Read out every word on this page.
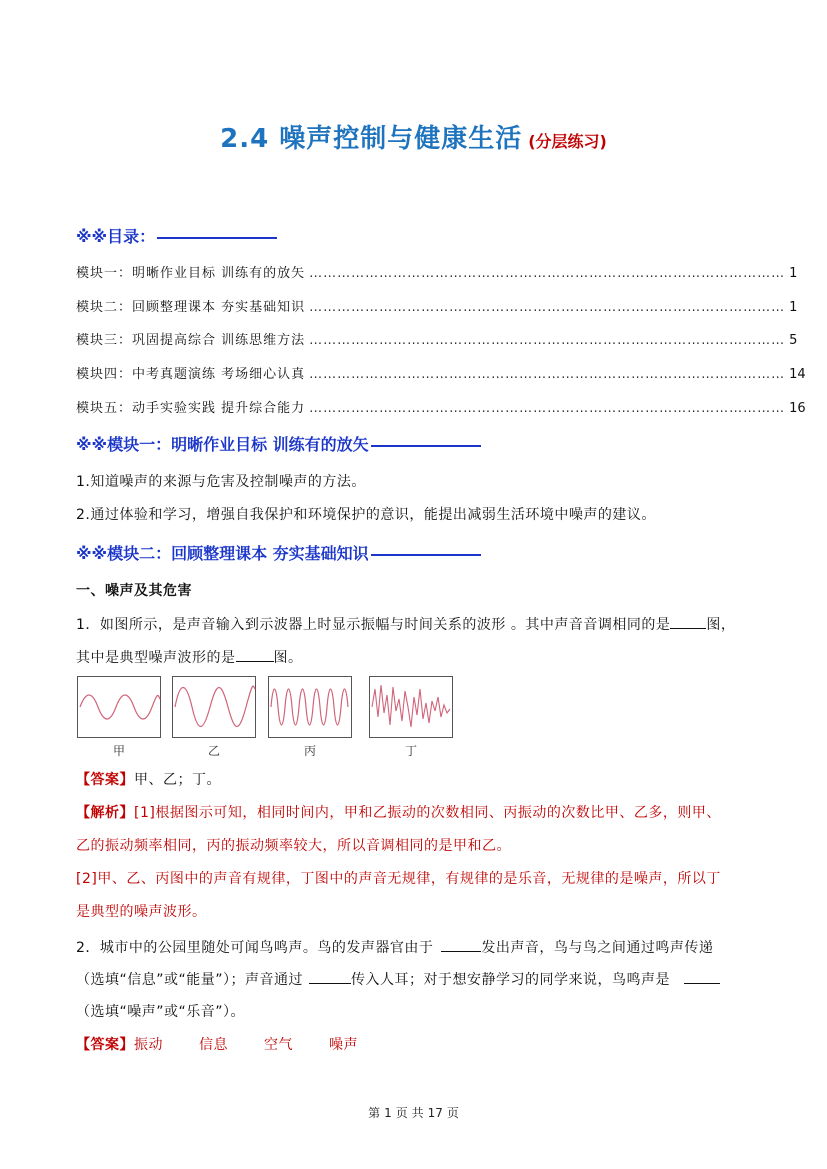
2.4 噪声控制与健康生活 (分层练习)
※※目录：
模块一：明晰作业目标 训练有的放矢 ………………………………………………………………………………………… 1
模块二：回顾整理课本 夯实基础知识 ………………………………………………………………………………………… 1
模块三：巩固提高综合 训练思维方法 ………………………………………………………………………………………… 5
模块四：中考真题演练 考场细心认真 ………………………………………………………………………………………… 14
模块五：动手实验实践 提升综合能力 ………………………………………………………………………………………… 16
※※模块一：明晰作业目标 训练有的放矢
1.知道噪声的来源与危害及控制噪声的方法。
2.通过体验和学习，增强自我保护和环境保护的意识，能提出减弱生活环境中噪声的建议。
※※模块二：回顾整理课本 夯实基础知识
一、噪声及其危害
1．如图所示，是声音输入到示波器上时显示振幅与时间关系的波形 。其中声音音调相同的是	图，
其中是典型噪声波形的是	图。
甲	乙	丙	丁
【答案】甲、乙；丁。
【解析】[1]根据图示可知，相同时间内，甲和乙振动的次数相同、丙振动的次数比甲、乙多，则甲、
乙的振动频率相同，丙的振动频率较大，所以音调相同的是甲和乙。
[2]甲、乙、丙图中的声音有规律，丁图中的声音无规律，有规律的是乐音，无规律的是噪声，所以丁
是典型的噪声波形。
2．城市中的公园里随处可闻鸟鸣声。鸟的发声器官由于	发出声音，鸟与鸟之间通过鸣声传递
（选填“信息”或“能量”）；声音通过	传入人耳；对于想安静学习的同学来说，鸟鸣声是
（选填“噪声”或“乐音”）。
【答案】振动	信息	空气	噪声
第 1 页 共 17 页
